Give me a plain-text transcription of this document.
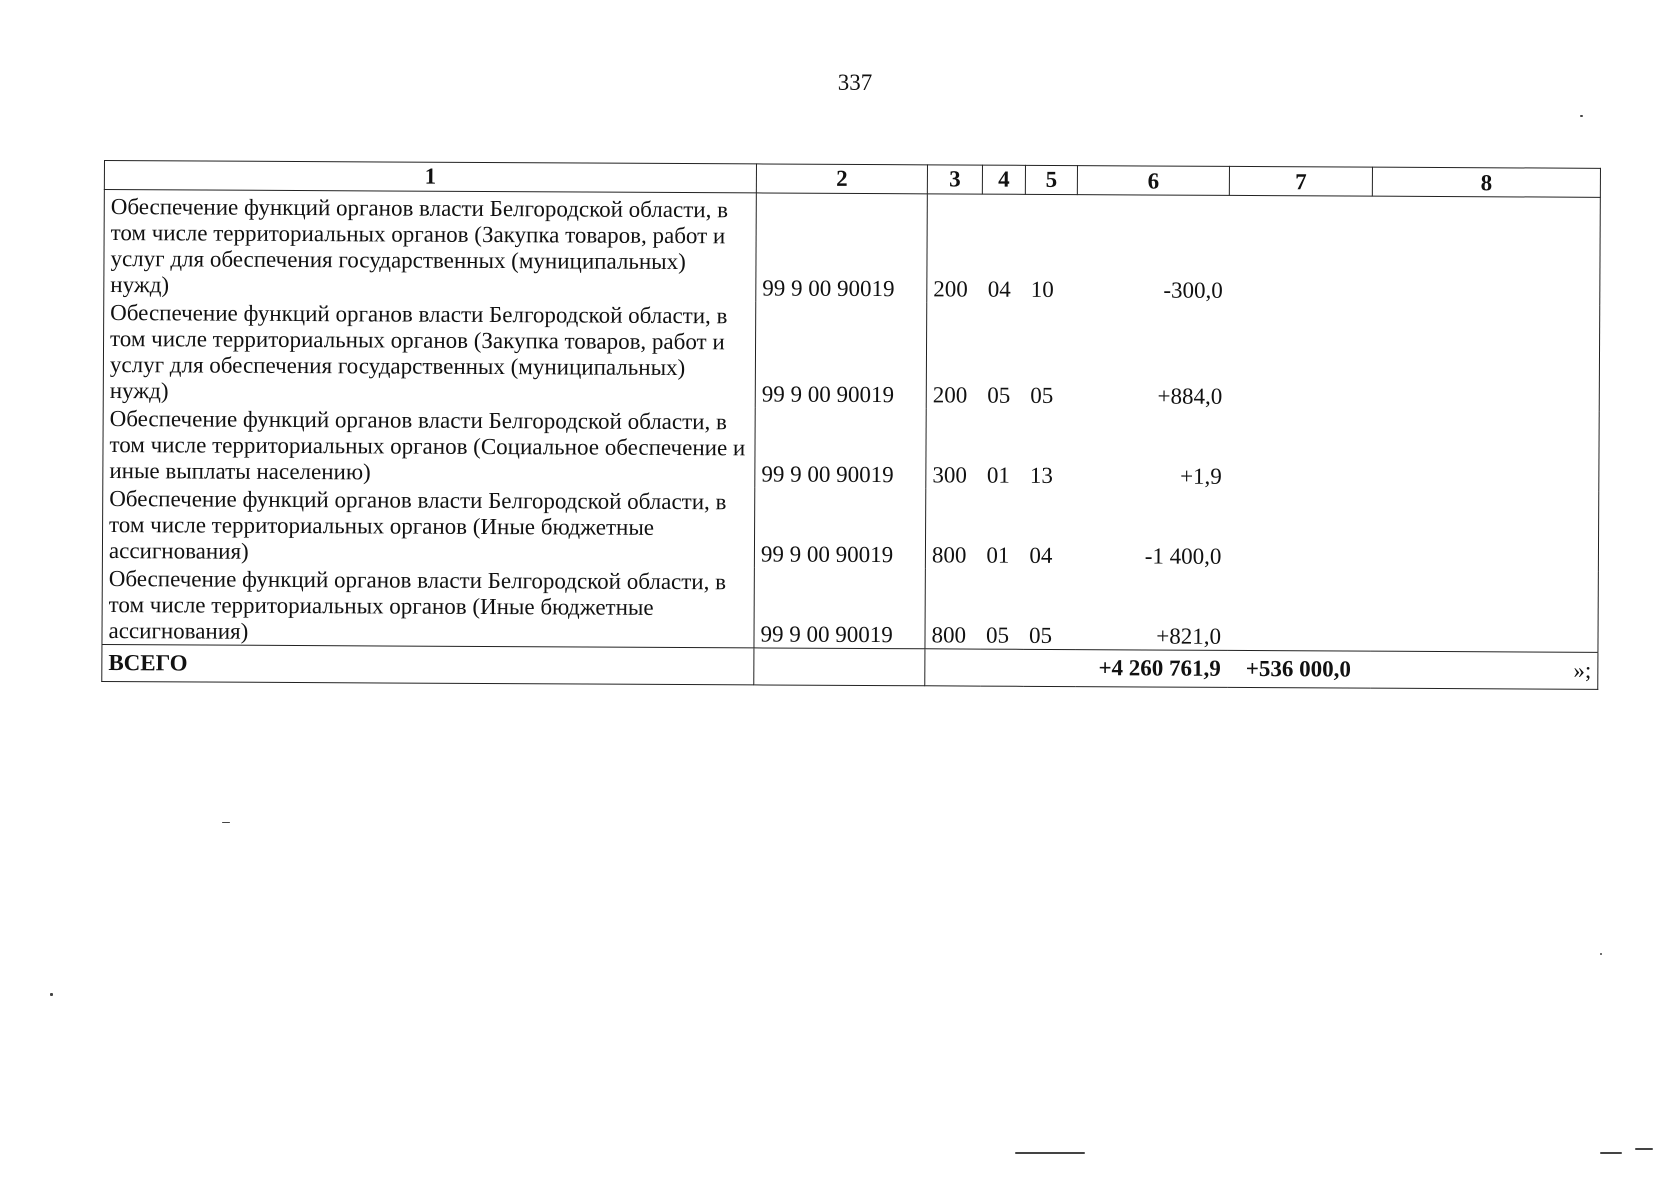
337
1	2	3	4	5	6	7	8
Обеспечение функций органов власти Белгородской области, в том числе территориальных органов (Закупка товаров, работ и услуг для обеспечения государственных (муниципальных) нужд)	99 9 00 90019	200	04	10	-300,0		
Обеспечение функций органов власти Белгородской области, в том числе территориальных органов (Закупка товаров, работ и услуг для обеспечения государственных (муниципальных) нужд)	99 9 00 90019	200	05	05	+884,0		
Обеспечение функций органов власти Белгородской области, в том числе территориальных органов (Социальное обеспечение и иные выплаты населению)	99 9 00 90019	300	01	13	+1,9		
Обеспечение функций органов власти Белгородской области, в том числе территориальных органов (Иные бюджетные ассигнования)	99 9 00 90019	800	01	04	-1 400,0		
Обеспечение функций органов власти Белгородской области, в том числе территориальных органов (Иные бюджетные ассигнования)	99 9 00 90019	800	05	05	+821,0		
ВСЕГО					+4 260 761,9	+536 000,0	»;
